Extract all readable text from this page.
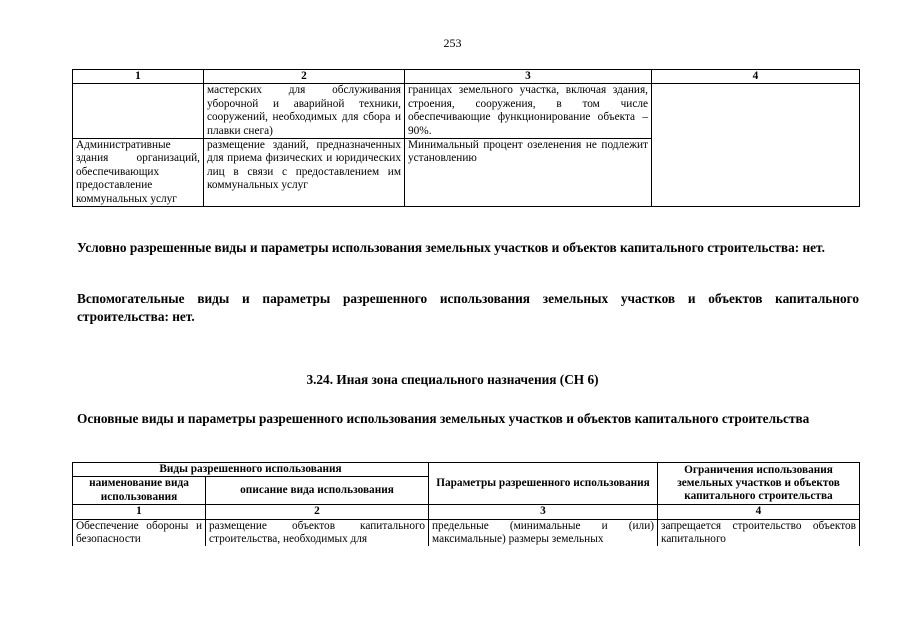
253
1	2	3	4
	мастерских для обслуживания уборочной и аварийной техники, сооружений, необходимых для сбора и плавки снега)	границах земельного участка, включая здания, строения, сооружения, в том числе обеспечивающие функционирование объекта – 90%.	
Административные здания организаций, обеспечивающих предоставление коммунальных услуг	размещение зданий, предназначенных для приема физических и юридических лиц в связи с предоставлением им коммунальных услуг	Минимальный процент озеленения не подлежит установлению	
Условно разрешенные виды и параметры использования земельных участков и объектов капитального строительства: нет.
Вспомогательные виды и параметры разрешенного использования земельных участков и объектов капитального строительства: нет.
3.24. Иная зона специального назначения (СН 6)
Основные виды и параметры разрешенного использования земельных участков и объектов капитального строительства
Виды разрешенного использования		Параметры разрешенного использования	Ограничения использования земельных участков и объектов капитального строительства
наименование вида использования	описание вида использования		
1	2	3	4
Обеспечение обороны и безопасности	размещение объектов капитального строительства, необходимых для	предельные (минимальные и (или) максимальные) размеры земельных	запрещается строительство объектов капитального
